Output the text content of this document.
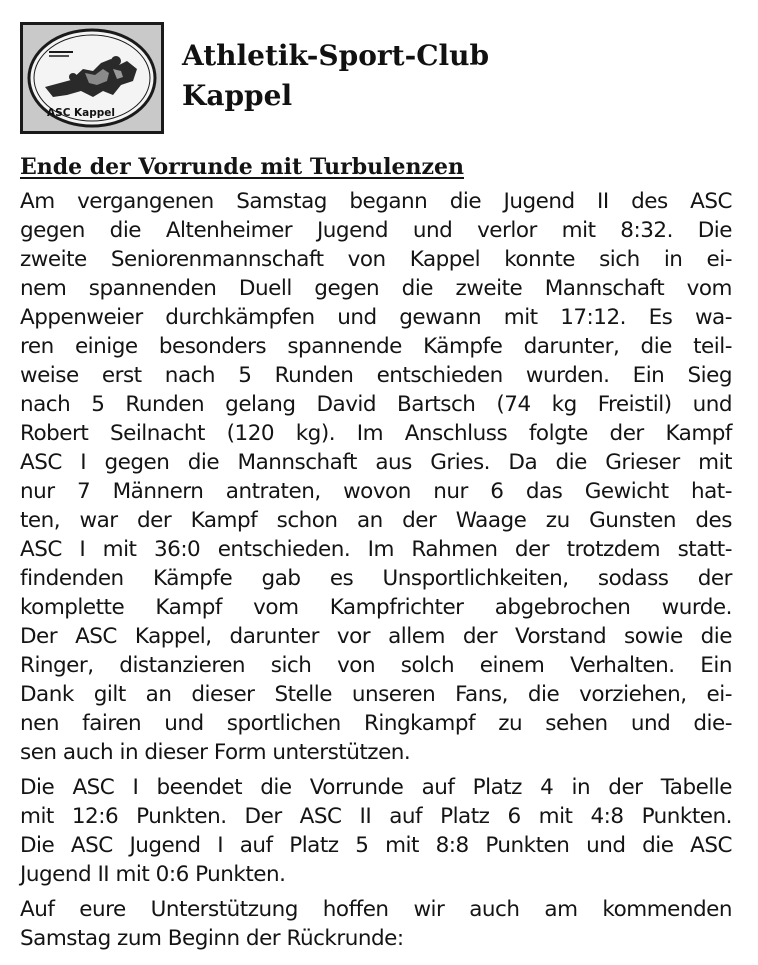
ASC Kappel
Athletik-Sport-Club
Kappel
Ende der Vorrunde mit Turbulenzen

Am vergangenen Samstag begann die Jugend II des ASC
gegen die Altenheimer Jugend und verlor mit 8:32. Die
zweite Seniorenmannschaft von Kappel konnte sich in ei-
nem spannenden Duell gegen die zweite Mannschaft vom
Appenweier durchkämpfen und gewann mit 17:12. Es wa-
ren einige besonders spannende Kämpfe darunter, die teil-
weise erst nach 5 Runden entschieden wurden. Ein Sieg
nach 5 Runden gelang David Bartsch (74 kg Freistil) und
Robert Seilnacht (120 kg). Im Anschluss folgte der Kampf
ASC I gegen die Mannschaft aus Gries. Da die Grieser mit
nur 7 Männern antraten, wovon nur 6 das Gewicht hat-
ten, war der Kampf schon an der Waage zu Gunsten des
ASC I mit 36:0 entschieden. Im Rahmen der trotzdem statt-
findenden Kämpfe gab es Unsportlichkeiten, sodass der
komplette Kampf vom Kampfrichter abgebrochen wurde.
Der ASC Kappel, darunter vor allem der Vorstand sowie die
Ringer, distanzieren sich von solch einem Verhalten. Ein
Dank gilt an dieser Stelle unseren Fans, die vorziehen, ei-
nen fairen und sportlichen Ringkampf zu sehen und die-
sen auch in dieser Form unterstützen.

Die ASC I beendet die Vorrunde auf Platz 4 in der Tabelle
mit 12:6 Punkten. Der ASC II auf Platz 6 mit 4:8 Punkten.
Die ASC Jugend I auf Platz 5 mit 8:8 Punkten und die ASC
Jugend II mit 0:6 Punkten.

Auf eure Unterstützung hoffen wir auch am kommenden
Samstag zum Beginn der Rückrunde:
